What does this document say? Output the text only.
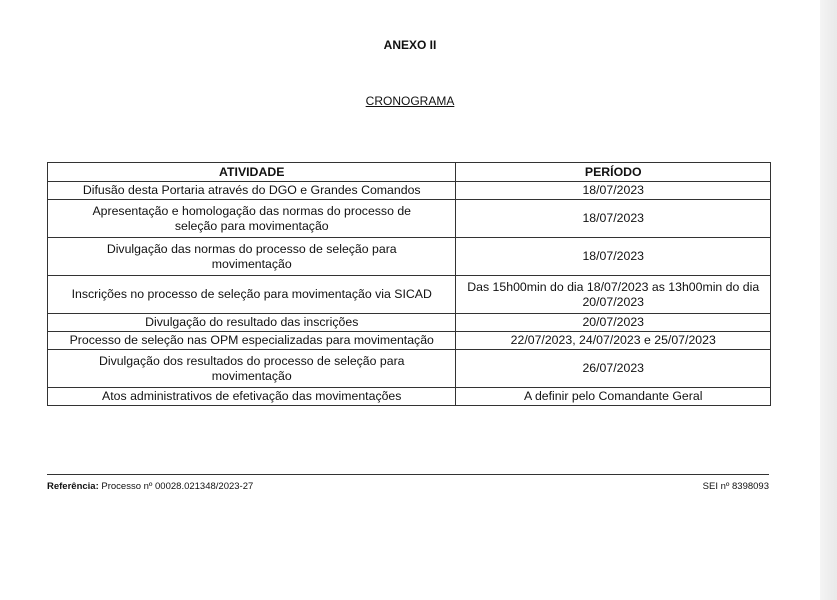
ANEXO II
CRONOGRAMA
ATIVIDADE	PERÍODO
Difusão desta Portaria através do DGO e Grandes Comandos	18/07/2023
Apresentação e homologação das normas do processo de seleção para movimentação	18/07/2023
Divulgação das normas do processo de seleção para movimentação	18/07/2023
Inscrições no processo de seleção para movimentação via SICAD	Das 15h00min do dia 18/07/2023 as 13h00min do dia 20/07/2023
Divulgação do resultado das inscrições	20/07/2023
Processo de seleção nas OPM especializadas para movimentação	22/07/2023, 24/07/2023 e 25/07/2023
Divulgação dos resultados do processo de seleção para movimentação	26/07/2023
Atos administrativos de efetivação das movimentações	A definir pelo Comandante Geral
Referência: Processo nº 00028.021348/2023-27	SEI nº 8398093
